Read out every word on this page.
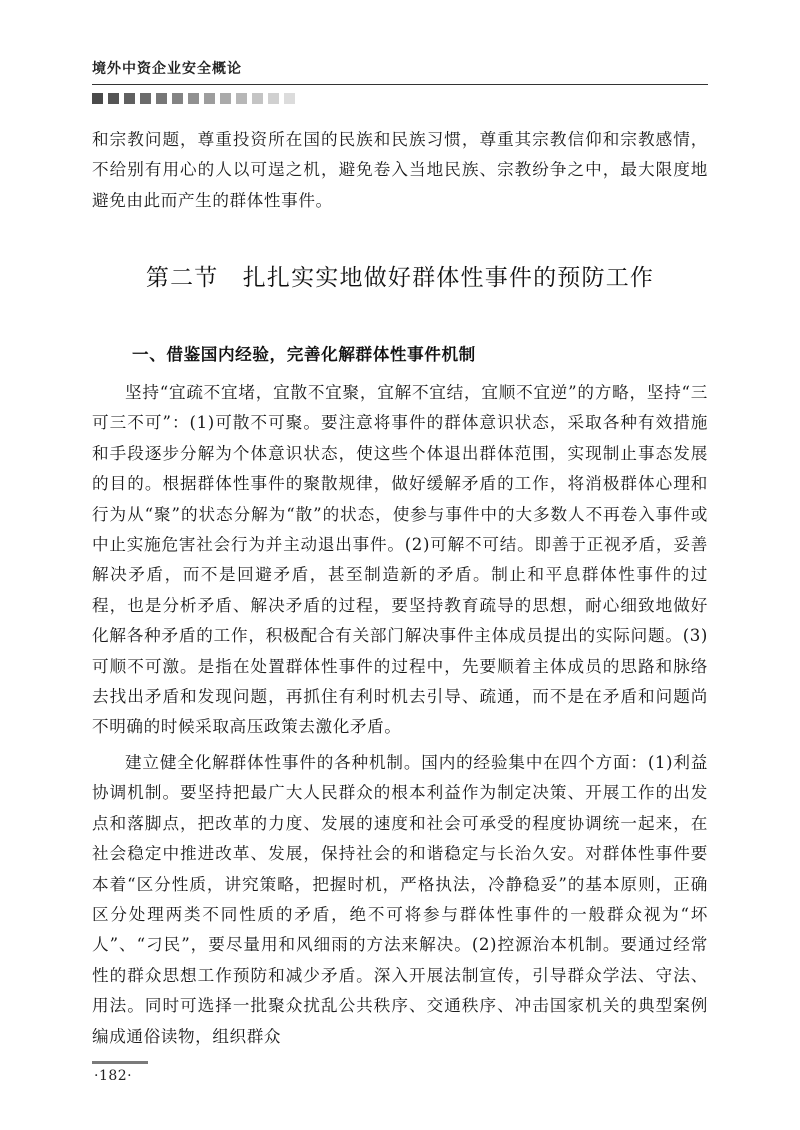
境外中资企业安全概论

和宗教问题，尊重投资所在国的民族和民族习惯，尊重其宗教信仰和宗教感情，不给别有用心的人以可逞之机，避免卷入当地民族、宗教纷争之中，最大限度地避免由此而产生的群体性事件。

第二节　扎扎实实地做好群体性事件的预防工作
一、借鉴国内经验，完善化解群体性事件机制

坚持“宜疏不宜堵，宜散不宜聚，宜解不宜结，宜顺不宜逆”的方略，坚持“三可三不可”：(1)可散不可聚。要注意将事件的群体意识状态，采取各种有效措施和手段逐步分解为个体意识状态，使这些个体退出群体范围，实现制止事态发展的目的。根据群体性事件的聚散规律，做好缓解矛盾的工作，将消极群体心理和行为从“聚”的状态分解为“散”的状态，使参与事件中的大多数人不再卷入事件或中止实施危害社会行为并主动退出事件。(2)可解不可结。即善于正视矛盾，妥善解决矛盾，而不是回避矛盾，甚至制造新的矛盾。制止和平息群体性事件的过程，也是分析矛盾、解决矛盾的过程，要坚持教育疏导的思想，耐心细致地做好化解各种矛盾的工作，积极配合有关部门解决事件主体成员提出的实际问题。(3)可顺不可激。是指在处置群体性事件的过程中，先要顺着主体成员的思路和脉络去找出矛盾和发现问题，再抓住有利时机去引导、疏通，而不是在矛盾和问题尚不明确的时候采取高压政策去激化矛盾。

建立健全化解群体性事件的各种机制。国内的经验集中在四个方面：(1)利益协调机制。要坚持把最广大人民群众的根本利益作为制定决策、开展工作的出发点和落脚点，把改革的力度、发展的速度和社会可承受的程度协调统一起来，在社会稳定中推进改革、发展，保持社会的和谐稳定与长治久安。对群体性事件要本着“区分性质，讲究策略，把握时机，严格执法，冷静稳妥”的基本原则，正确区分处理两类不同性质的矛盾，绝不可将参与群体性事件的一般群众视为“坏人”、“刁民”，要尽量用和风细雨的方法来解决。(2)控源治本机制。要通过经常性的群众思想工作预防和减少矛盾。深入开展法制宣传，引导群众学法、守法、用法。同时可选择一批聚众扰乱公共秩序、交通秩序、冲击国家机关的典型案例编成通俗读物，组织群众

·182·
